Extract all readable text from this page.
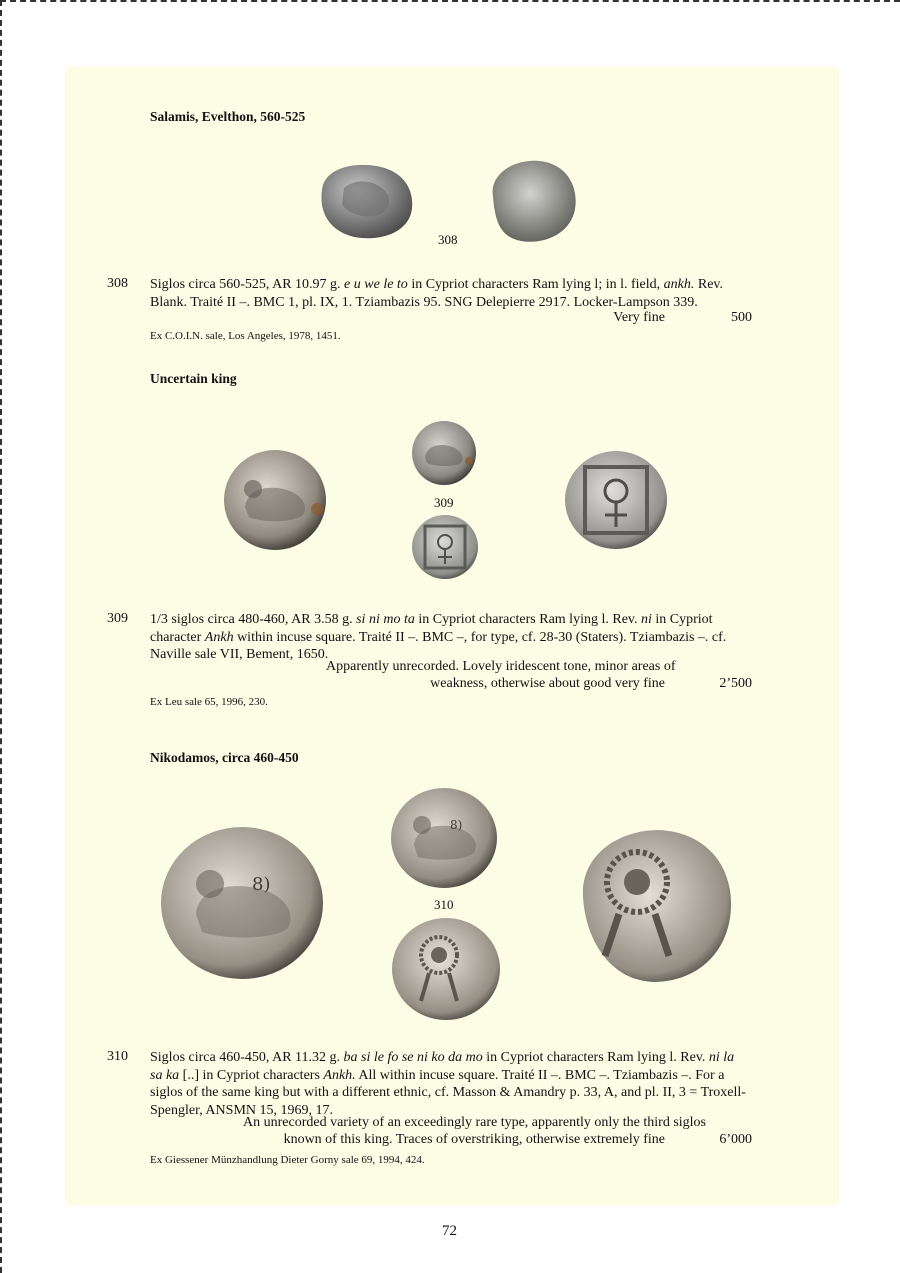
Salamis, Evelthon, 560-525
308
308 Siglos circa 560-525, AR 10.97 g. e u we le to in Cypriot characters Ram lying l; in l. field, ankh. Rev.
Blank. Traité II –. BMC 1, pl. IX, 1. Tziambazis 95. SNG Delepierre 2917. Locker-Lampson 339.
Very fine	500
Ex C.O.I.N. sale, Los Angeles, 1978, 1451.
Uncertain king
309
309 1/3 siglos circa 480-460, AR 3.58 g. si ni mo ta in Cypriot characters Ram lying l. Rev. ni in Cypriot
character Ankh within incuse square. Traité II –. BMC –, for type, cf. 28-30 (Staters). Tziambazis –. cf.
Naville sale VII, Bement, 1650.
Apparently unrecorded. Lovely iridescent tone, minor areas of
weakness, otherwise about good very fine	2’500
Ex Leu sale 65, 1996, 230.
Nikodamos, circa 460-450
8)
8)
310
310 Siglos circa 460-450, AR 11.32 g. ba si le fo se ni ko da mo in Cypriot characters Ram lying l. Rev. ni la
sa ka [..] in Cypriot characters Ankh. All within incuse square. Traité II –. BMC –. Tziambazis –. For a
siglos of the same king but with a different ethnic, cf. Masson & Amandry p. 33, A, and pl. II, 3 = Troxell-
Spengler, ANSMN 15, 1969, 17.
An unrecorded variety of an exceedingly rare type, apparently only the third siglos
known of this king. Traces of overstriking, otherwise extremely fine	6’000
Ex Giessener Münzhandlung Dieter Gorny sale 69, 1994, 424.
72
